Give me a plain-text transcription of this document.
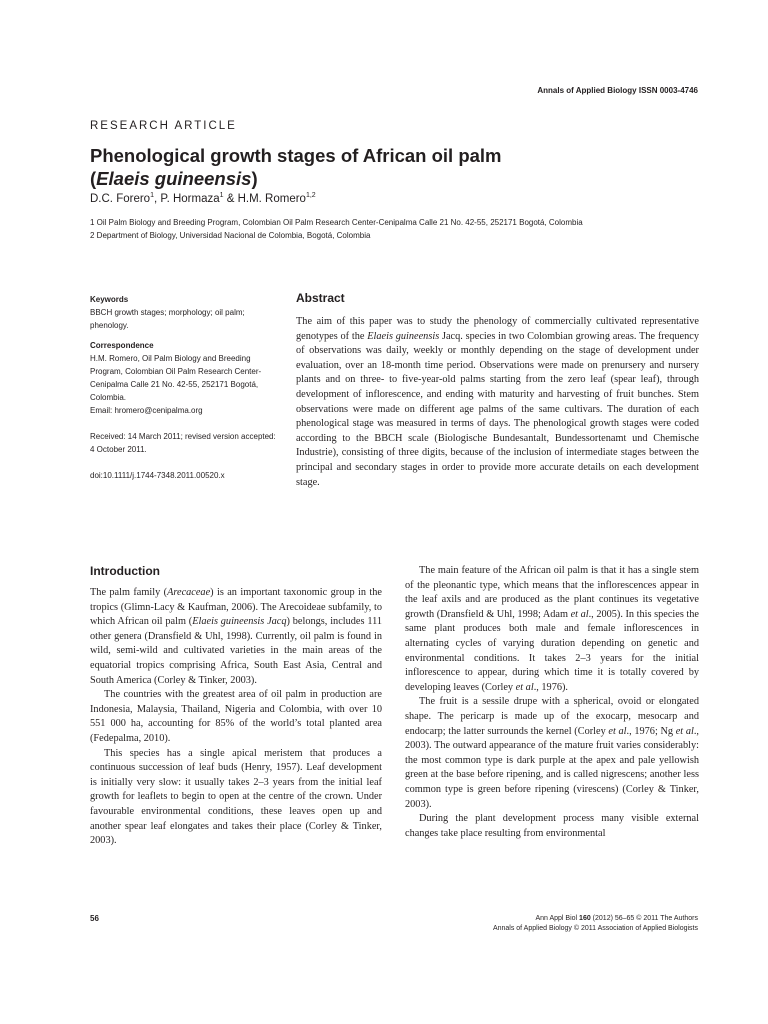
Annals of Applied Biology ISSN 0003-4746
RESEARCH ARTICLE
Phenological growth stages of African oil palm
(Elaeis guineensis)
D.C. Forero$^1$, P. Hormaza$^1$ & H.M. Romero$^{1,2}$
1 Oil Palm Biology and Breeding Program, Colombian Oil Palm Research Center-Cenipalma Calle 21 No. 42-55, 252171 Bogotá, Colombia
2 Department of Biology, Universidad Nacional de Colombia, Bogotá, Colombia

Keywords

BBCH growth stages; morphology; oil palm; phenology.

Correspondence

H.M. Romero, Oil Palm Biology and Breeding Program, Colombian Oil Palm Research Center-Cenipalma Calle 21 No. 42-55, 252171 Bogotá, Colombia.

Email: hromero@cenipalma.org

Received: 14 March 2011; revised version accepted: 4 October 2011.

doi:10.1111/j.1744-7348.2011.00520.x

Abstract

The aim of this paper was to study the phenology of commercially cultivated representative genotypes of the Elaeis guineensis Jacq. species in two Colombian growing areas. The frequency of observations was daily, weekly or monthly depending on the stage of development under evaluation, over an 18-month time period. Observations were made on prenursery and nursery plants and on three- to five-year-old palms starting from the zero leaf (spear leaf), through development of inflorescence, and ending with maturity and harvesting of fruit bunches. Stem observations were made on different age palms of the same cultivars. The duration of each phenological stage was measured in terms of days. The phenological growth stages were coded according to the BBCH scale (Biologische Bundesantalt, Bundessortenamt und Chemische Industrie), consisting of three digits, because of the inclusion of intermediate stages between the principal and secondary stages in order to provide more accurate details on each development stage.

Introduction

The palm family (Arecaceae) is an important taxonomic group in the tropics (Glimn-Lacy & Kaufman, 2006). The Arecoideae subfamily, to which African oil palm (Elaeis guineensis Jacq) belongs, includes 111 other genera (Dransfield & Uhl, 1998). Currently, oil palm is found in wild, semi-wild and cultivated varieties in the main areas of the equatorial tropics comprising Africa, South East Asia, Central and South America (Corley & Tinker, 2003).

The countries with the greatest area of oil palm in production are Indonesia, Malaysia, Thailand, Nigeria and Colombia, with over 10 551 000 ha, accounting for 85% of the world’s total planted area (Fedepalma, 2010).

This species has a single apical meristem that produces a continuous succession of leaf buds (Henry, 1957). Leaf development is initially very slow: it usually takes 2–3 years from the initial leaf growth for leaflets to begin to open at the centre of the crown. Under favourable environmental conditions, these leaves open up and another spear leaf elongates and takes their place (Corley & Tinker, 2003).

The main feature of the African oil palm is that it has a single stem of the pleonantic type, which means that the inflorescences appear in the leaf axils and are produced as the plant continues its vegetative growth (Dransfield & Uhl, 1998; Adam et al., 2005). In this species the same plant produces both male and female inflorescences in alternating cycles of varying duration depending on genetic and environmental conditions. It takes 2–3 years for the initial inflorescence to appear, during which time it is totally covered by developing leaves (Corley et al., 1976).

The fruit is a sessile drupe with a spherical, ovoid or elongated shape. The pericarp is made up of the exocarp, mesocarp and endocarp; the latter surrounds the kernel (Corley et al., 1976; Ng et al., 2003). The outward appearance of the mature fruit varies considerably: the most common type is dark purple at the apex and pale yellowish green at the base before ripening, and is called nigrescens; another less common type is green before ripening (virescens) (Corley & Tinker, 2003).

During the plant development process many visible external changes take place resulting from environmental

56	Ann Appl Biol 160 (2012) 56–65 © 2011 The Authors
Annals of Applied Biology © 2011 Association of Applied Biologists
